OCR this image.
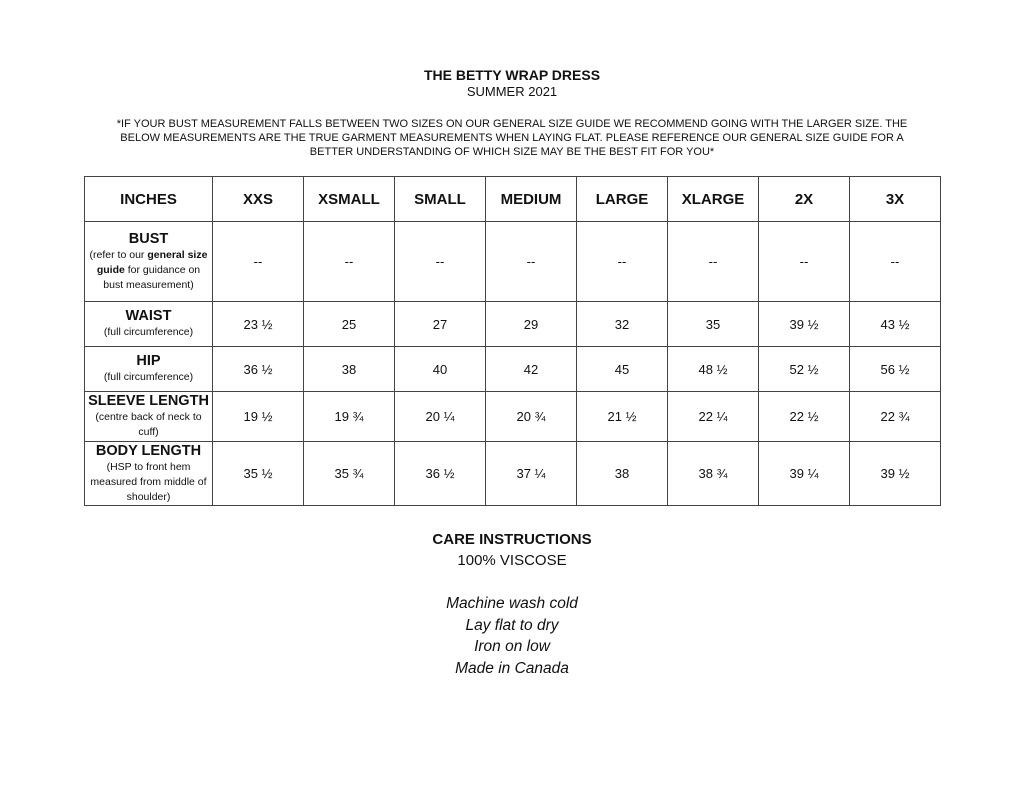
THE BETTY WRAP DRESS
SUMMER 2021
*IF YOUR BUST MEASUREMENT FALLS BETWEEN TWO SIZES ON OUR GENERAL SIZE GUIDE WE RECOMMEND GOING WITH THE LARGER SIZE. THE BELOW MEASUREMENTS ARE THE TRUE GARMENT MEASUREMENTS WHEN LAYING FLAT. PLEASE REFERENCE OUR GENERAL SIZE GUIDE FOR A BETTER UNDERSTANDING OF WHICH SIZE MAY BE THE BEST FIT FOR YOU*
INCHES	XXS	XSMALL	SMALL	MEDIUM	LARGE	XLARGE	2X	3X

BUST
(refer to our general size guide for guidance on bust measurement)	--	--	--	--	--	--	--	--

WAIST
(full circumference)	23 ½	25	27	29	32	35	39 ½	43 ½

HIP
(full circumference)	36 ½	38	40	42	45	48 ½	52 ½	56 ½

SLEEVE LENGTH
(centre back of neck to cuff)	19 ½	19 ¾	20 ¼	20 ¾	21 ½	22 ¼	22 ½	22 ¾

BODY LENGTH
(HSP to front hem measured from middle of shoulder)	35 ½	35 ¾	36 ½	37 ¼	38	38 ¾	39 ¼	39 ½
CARE INSTRUCTIONS
100% VISCOSE
Machine wash cold
Lay flat to dry
Iron on low
Made in Canada
